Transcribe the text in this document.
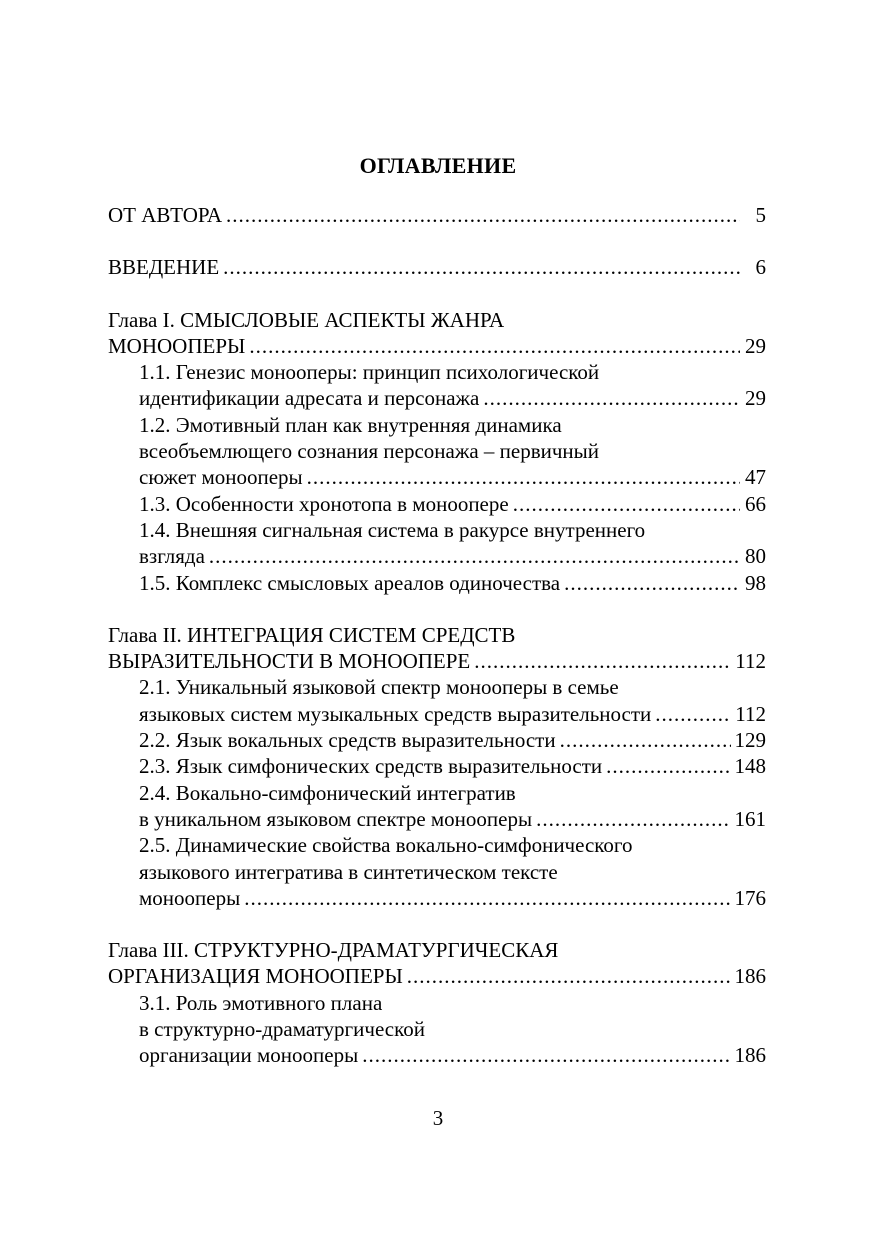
ОГЛАВЛЕНИЕ
ОТ АВТОРА .....	5
ВВЕДЕНИЕ .....	6
Глава I. СМЫСЛОВЫЕ АСПЕКТЫ ЖАНРА
МОНООПЕРЫ .....	29
1.1. Генезис монооперы: принцип психологической
идентификации адресата и персонажа .....	29
1.2. Эмотивный план как внутренняя динамика
всеобъемлющего сознания персонажа – первичный
сюжет монооперы .....	47
1.3. Особенности хронотопа в моноопере .....	66
1.4. Внешняя сигнальная система в ракурсе внутреннего
взгляда .....	80
1.5. Комплекс смысловых ареалов одиночества .....	98
Глава II. ИНТЕГРАЦИЯ СИСТЕМ СРЕДСТВ
ВЫРАЗИТЕЛЬНОСТИ В МОНООПЕРЕ .....	112
2.1. Уникальный языковой спектр монооперы в семье
языковых систем музыкальных средств выразительности .....	112
2.2. Язык вокальных средств выразительности .....	129
2.3. Язык симфонических средств выразительности .....	148
2.4. Вокально-симфонический интегратив
в уникальном языковом спектре монооперы .....	161
2.5. Динамические свойства вокально-симфонического
языкового интегратива в синтетическом тексте
монооперы .....	176
Глава III. СТРУКТУРНО-ДРАМАТУРГИЧЕСКАЯ
ОРГАНИЗАЦИЯ МОНООПЕРЫ .....	186
3.1. Роль эмотивного плана
в структурно-драматургической
организации монооперы .....	186
3
